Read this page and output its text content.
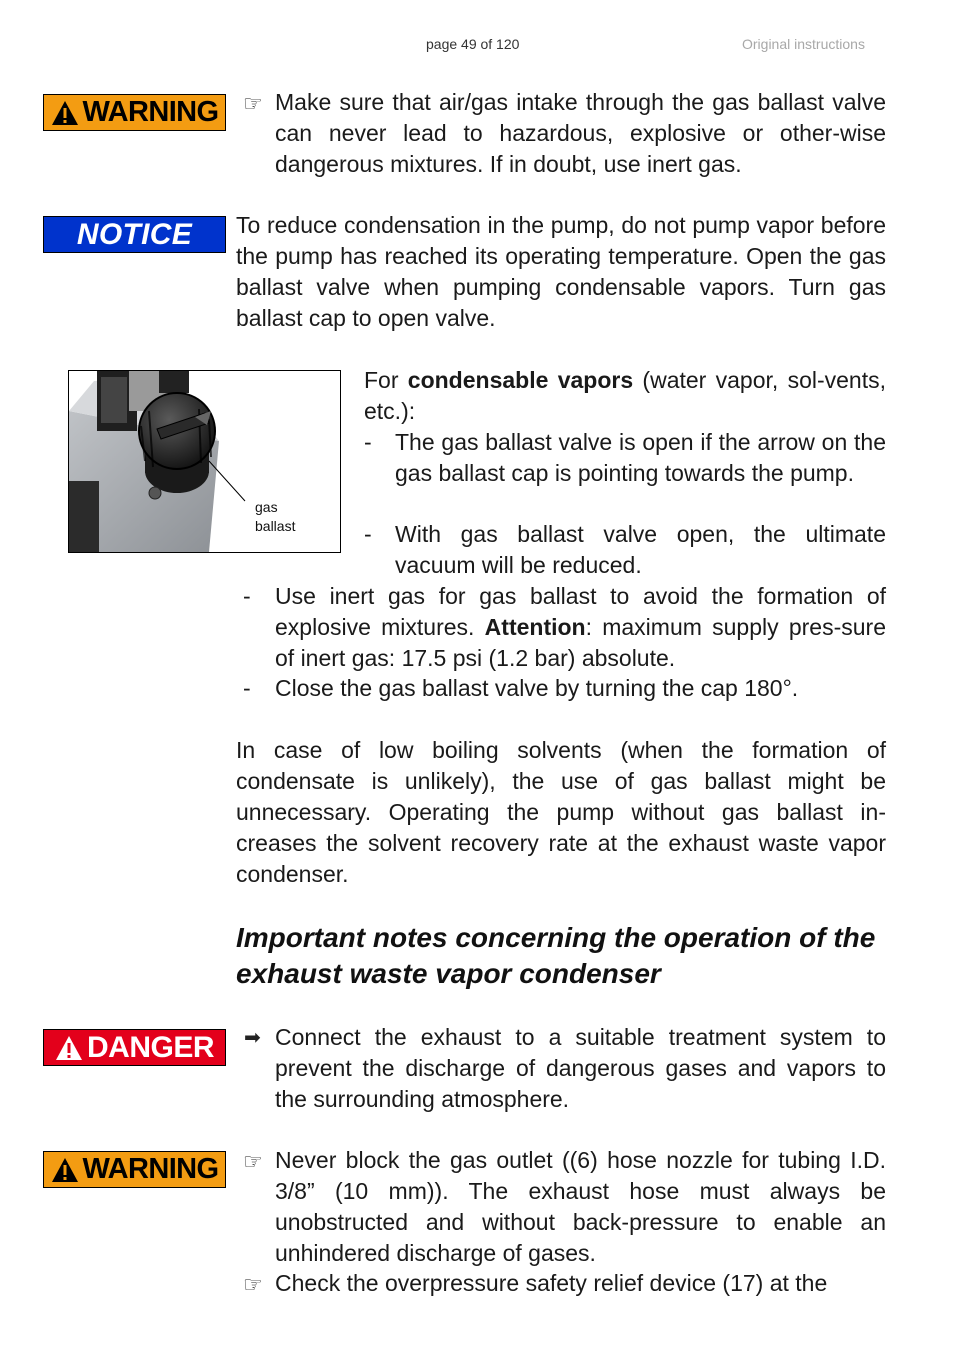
page 49 of 120	Original instructions
WARNING ☞ Make sure that air/gas intake through the gas ballast valve can never lead to hazardous, explosive or other-wise dangerous mixtures. If in doubt, use inert gas.
NOTICE To reduce condensation in the pump, do not pump vapor before the pump has reached its operating temperature. Open the gas ballast valve when pumping condensable vapors. Turn gas ballast cap to open valve.
gas
ballast
For condensable vapors (water vapor, sol-vents, etc.):
- The gas ballast valve is open if the arrow on the gas ballast cap is pointing towards the pump.
- With gas ballast valve open, the ultimate vacuum will be reduced.
- Use inert gas for gas ballast to avoid the formation of explosive mixtures. Attention: maximum supply pres-sure of inert gas: 17.5 psi (1.2 bar) absolute.
- Close the gas ballast valve by turning the cap 180°.
In case of low boiling solvents (when the formation of condensate is unlikely), the use of gas ballast might be unnecessary. Operating the pump without gas ballast in-creases the solvent recovery rate at the exhaust waste vapor condenser.
Important notes concerning the operation of the exhaust waste vapor condenser
DANGER ➡ Connect the exhaust to a suitable treatment system to prevent the discharge of dangerous gases and vapors to the surrounding atmosphere.
WARNING ☞ Never block the gas outlet ((6) hose nozzle for tubing I.D. 3/8” (10 mm)). The exhaust hose must always be unobstructed and without back-pressure to enable an unhindered discharge of gases.
☞ Check the overpressure safety relief device (17) at the
